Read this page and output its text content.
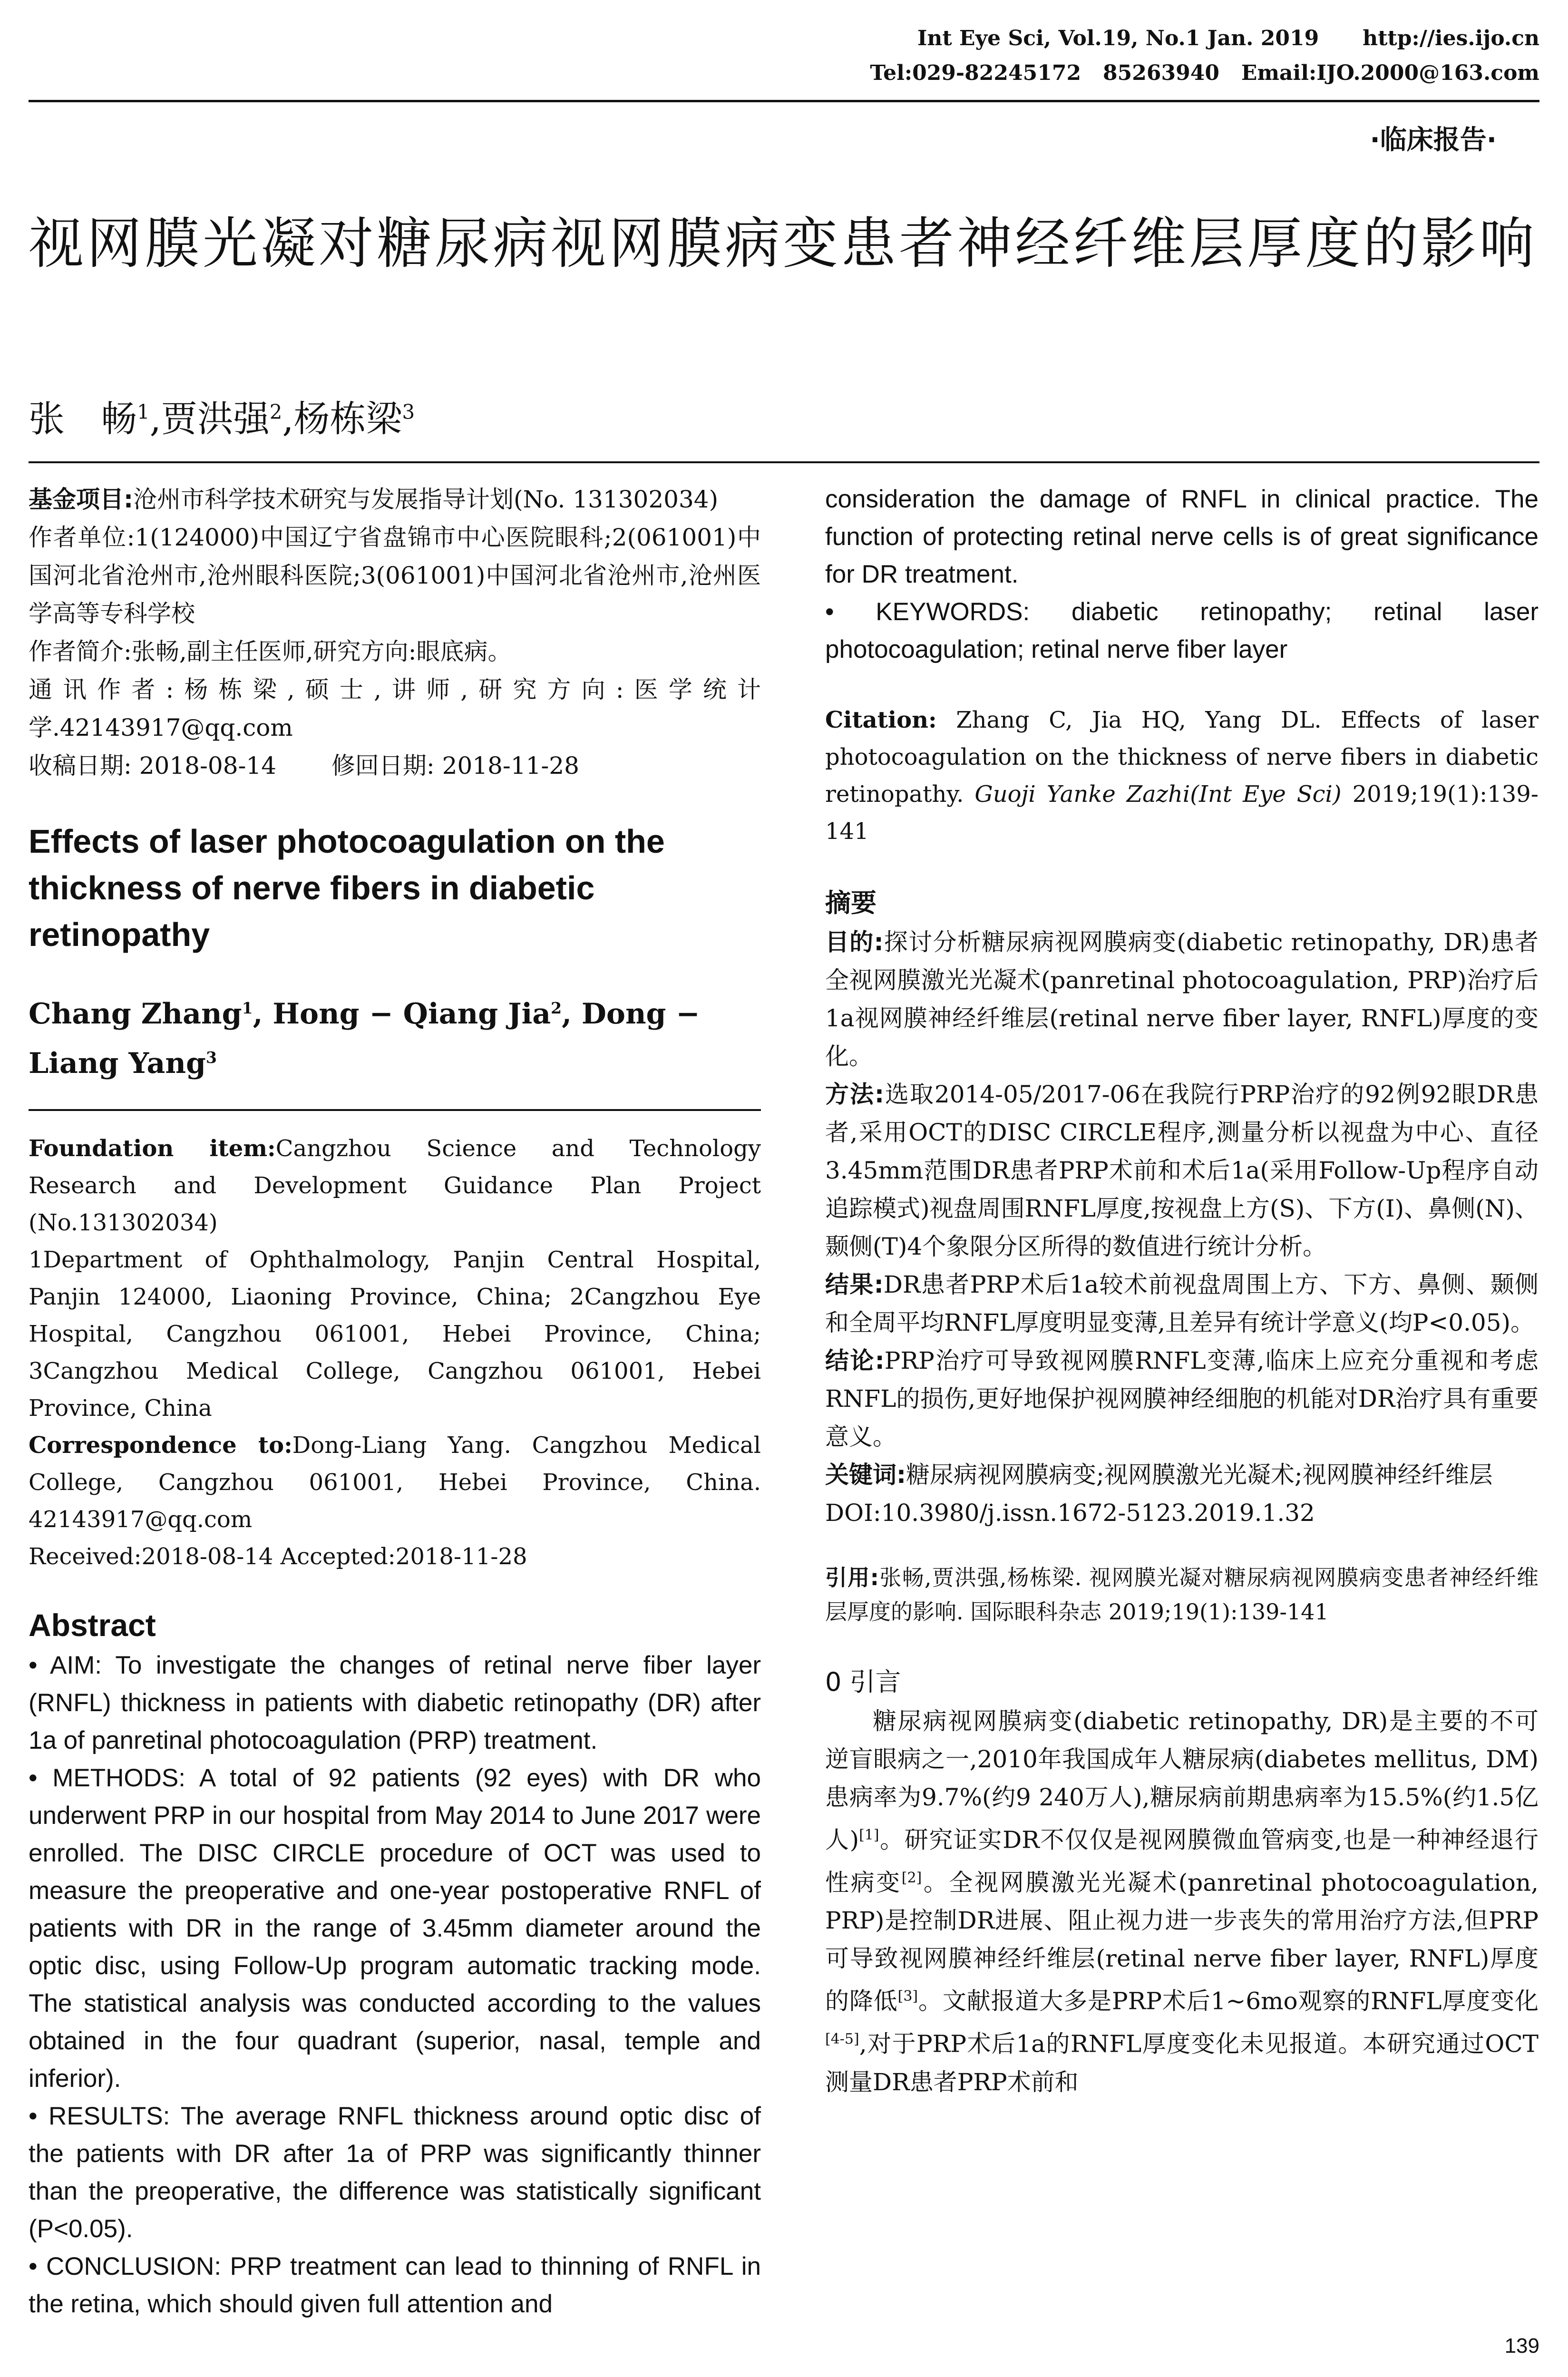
Int Eye Sci, Vol.19, No.1 Jan. 2019      http://ies.ijo.cn
Tel:029-82245172   85263940   Email:IJO.2000@163.com
·临床报告·
视网膜光凝对糖尿病视网膜病变患者神经纤维层厚度的影响
张　畅$^1$,贾洪强$^2$,杨栋梁$^3$

基金项目:沧州市科学技术研究与发展指导计划(No. 131302034)

作者单位:1(124000)中国辽宁省盘锦市中心医院眼科;2(061001)中国河北省沧州市,沧州眼科医院;3(061001)中国河北省沧州市,沧州医学高等专科学校

作者简介:张畅,副主任医师,研究方向:眼底病。

通讯作者:杨栋梁,硕士,讲师,研究方向:医学统计学.42143917@qq.com

收稿日期: 2018-08-14　　 修回日期: 2018-11-28

Effects of laser photocoagulation on the thickness of nerve fibers in diabetic retinopathy
Chang Zhang$^1$, Hong − Qiang Jia$^2$, Dong − Liang Yang$^3$

Foundation item:Cangzhou Science and Technology Research and Development Guidance Plan Project (No.131302034)

1Department of Ophthalmology, Panjin Central Hospital, Panjin 124000, Liaoning Province, China; 2Cangzhou Eye Hospital, Cangzhou 061001, Hebei Province, China; 3Cangzhou Medical College, Cangzhou 061001, Hebei Province, China

Correspondence to:Dong-Liang Yang. Cangzhou Medical College, Cangzhou 061001, Hebei Province, China. 42143917@qq.com

Received:2018-08-14 Accepted:2018-11-28

Abstract

• AIM: To investigate the changes of retinal nerve fiber layer (RNFL) thickness in patients with diabetic retinopathy (DR) after 1a of panretinal photocoagulation (PRP) treatment.

• METHODS: A total of 92 patients (92 eyes) with DR who underwent PRP in our hospital from May 2014 to June 2017 were enrolled. The DISC CIRCLE procedure of OCT was used to measure the preoperative and one-year postoperative RNFL of patients with DR in the range of 3.45mm diameter around the optic disc, using Follow-Up program automatic tracking mode. The statistical analysis was conducted according to the values obtained in the four quadrant (superior, nasal, temple and inferior).

• RESULTS: The average RNFL thickness around optic disc of the patients with DR after 1a of PRP was significantly thinner than the preoperative, the difference was statistically significant (P<0.05).

• CONCLUSION: PRP treatment can lead to thinning of RNFL in the retina, which should given full attention and

consideration the damage of RNFL in clinical practice. The function of protecting retinal nerve cells is of great significance for DR treatment.

• KEYWORDS: diabetic retinopathy; retinal laser photocoagulation; retinal nerve fiber layer

Citation: Zhang C, Jia HQ, Yang DL. Effects of laser photocoagulation on the thickness of nerve fibers in diabetic retinopathy. Guoji Yanke Zazhi(Int Eye Sci) 2019;19(1):139-141

摘要

目的:探讨分析糖尿病视网膜病变(diabetic retinopathy, DR)患者全视网膜激光光凝术(panretinal photocoagulation, PRP)治疗后1a视网膜神经纤维层(retinal nerve fiber layer, RNFL)厚度的变化。

方法:选取2014-05/2017-06在我院行PRP治疗的92例92眼DR患者,采用OCT的DISC CIRCLE程序,测量分析以视盘为中心、直径3.45mm范围DR患者PRP术前和术后1a(采用Follow-Up程序自动追踪模式)视盘周围RNFL厚度,按视盘上方(S)、下方(I)、鼻侧(N)、颞侧(T)4个象限分区所得的数值进行统计分析。

结果:DR患者PRP术后1a较术前视盘周围上方、下方、鼻侧、颞侧和全周平均RNFL厚度明显变薄,且差异有统计学意义(均P<0.05)。

结论:PRP治疗可导致视网膜RNFL变薄,临床上应充分重视和考虑RNFL的损伤,更好地保护视网膜神经细胞的机能对DR治疗具有重要意义。

关键词:糖尿病视网膜病变;视网膜激光光凝术;视网膜神经纤维层

DOI:10.3980/j.issn.1672-5123.2019.1.32

引用:张畅,贾洪强,杨栋梁. 视网膜光凝对糖尿病视网膜病变患者神经纤维层厚度的影响. 国际眼科杂志 2019;19(1):139-141

0 引言

糖尿病视网膜病变(diabetic retinopathy, DR)是主要的不可逆盲眼病之一,2010年我国成年人糖尿病(diabetes mellitus, DM)患病率为9.7%(约9 240万人),糖尿病前期患病率为15.5%(约1.5亿人)[1]。研究证实DR不仅仅是视网膜微血管病变,也是一种神经退行性病变[2]。全视网膜激光光凝术(panretinal photocoagulation, PRP)是控制DR进展、阻止视力进一步丧失的常用治疗方法,但PRP可导致视网膜神经纤维层(retinal nerve fiber layer, RNFL)厚度的降低[3]。文献报道大多是PRP术后1~6mo观察的RNFL厚度变化[4-5],对于PRP术后1a的RNFL厚度变化未见报道。本研究通过OCT测量DR患者PRP术前和

139
